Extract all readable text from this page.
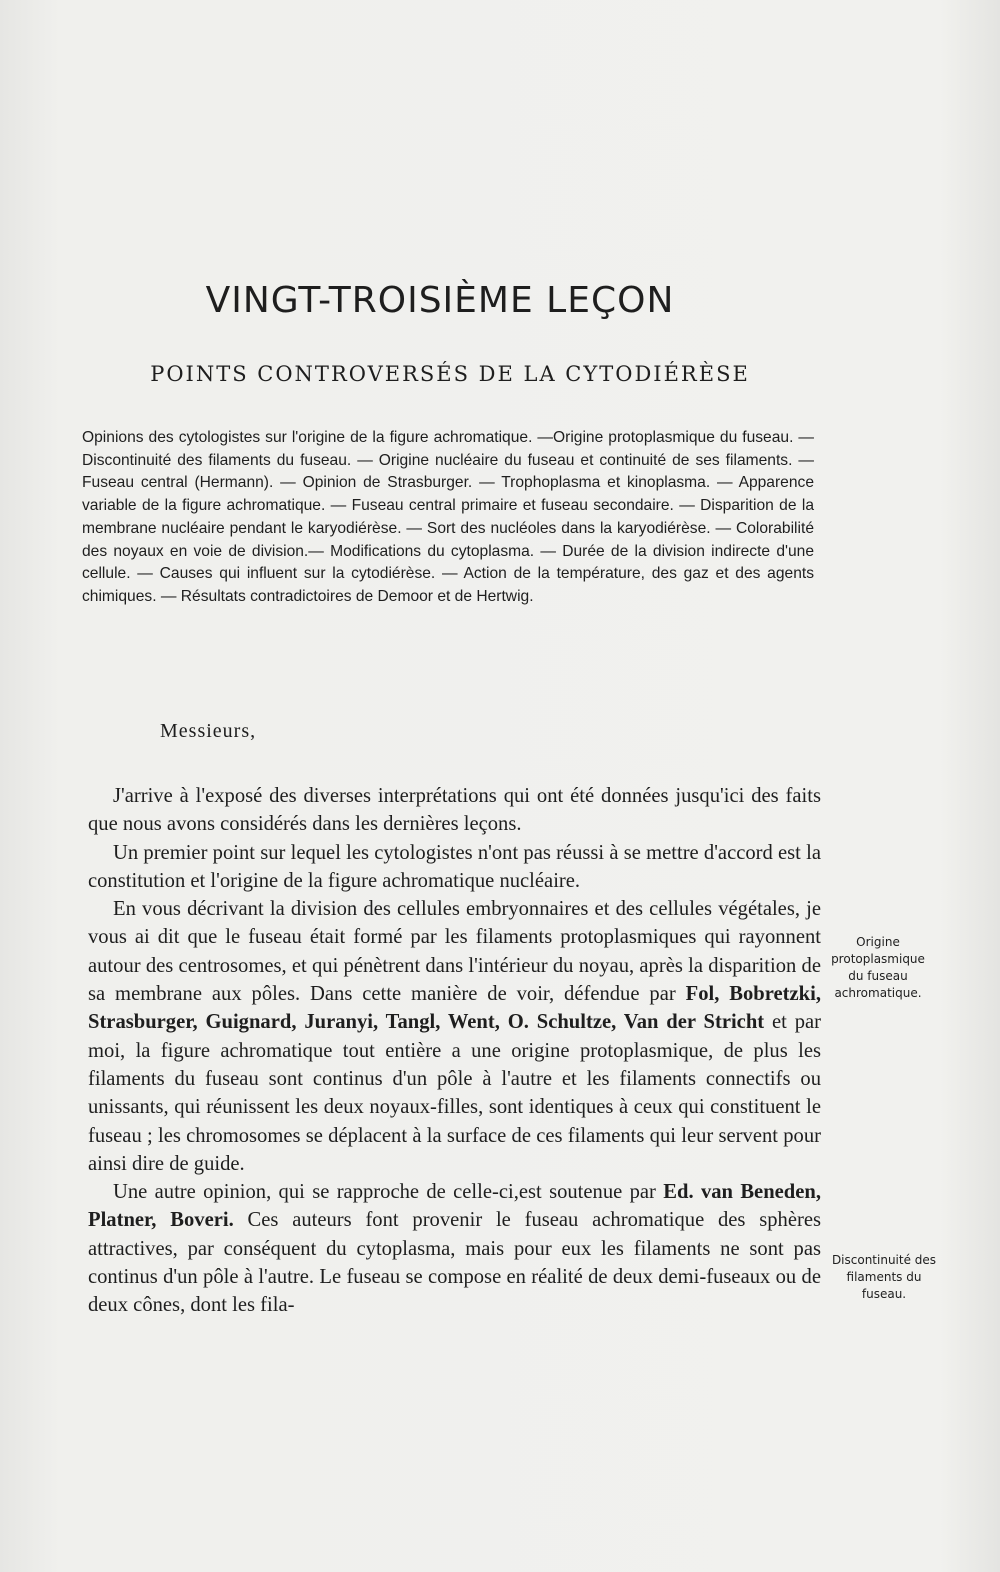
VINGT-TROISIÈME LEÇON
POINTS CONTROVERSÉS DE LA CYTODIÉRÈSE
Opinions des cytologistes sur l'origine de la figure achromatique. —Origine protoplasmique du fuseau. — Discontinuité des filaments du fuseau. — Origine nucléaire du fuseau et continuité de ses filaments. — Fuseau central (Hermann). — Opinion de Strasburger. — Trophoplasma et kinoplasma. — Apparence variable de la figure achromatique. — Fuseau central primaire et fuseau secondaire. — Disparition de la membrane nucléaire pendant le karyodiérèse. — Sort des nucléoles dans la karyodiérèse. — Colorabilité des noyaux en voie de division.— Modifications du cytoplasma. — Durée de la division indirecte d'une cellule. — Causes qui influent sur la cytodiérèse. — Action de la température, des gaz et des agents chimiques. — Résultats contradictoires de Demoor et de Hertwig.
Messieurs,

J'arrive à l'exposé des diverses interprétations qui ont été données jusqu'ici des faits que nous avons considérés dans les dernières leçons.

Un premier point sur lequel les cytologistes n'ont pas réussi à se mettre d'accord est la constitution et l'origine de la figure achromatique nucléaire.

En vous décrivant la division des cellules embryonnaires et des cellules végétales, je vous ai dit que le fuseau était formé par les filaments protoplasmiques qui rayonnent autour des centrosomes, et qui pénètrent dans l'intérieur du noyau, après la disparition de sa membrane aux pôles. Dans cette manière de voir, défendue par Fol, Bobretzki, Strasburger, Guignard, Juranyi, Tangl, Went, O. Schultze, Van der Stricht et par moi, la figure achromatique tout entière a une origine protoplasmique, de plus les filaments du fuseau sont continus d'un pôle à l'autre et les filaments connectifs ou unissants, qui réunissent les deux noyaux-filles, sont identiques à ceux qui constituent le fuseau ; les chromosomes se déplacent à la surface de ces filaments qui leur servent pour ainsi dire de guide.

Une autre opinion, qui se rapproche de celle-ci,est soutenue par Ed. van Beneden, Platner, Boveri. Ces auteurs font provenir le fuseau achromatique des sphères attractives, par conséquent du cytoplasma, mais pour eux les filaments ne sont pas continus d'un pôle à l'autre. Le fuseau se compose en réalité de deux demi-fuseaux ou de deux cônes, dont les fila-

Origine protoplasmique du fuseau achromatique.
Discontinuité des filaments du fuseau.
